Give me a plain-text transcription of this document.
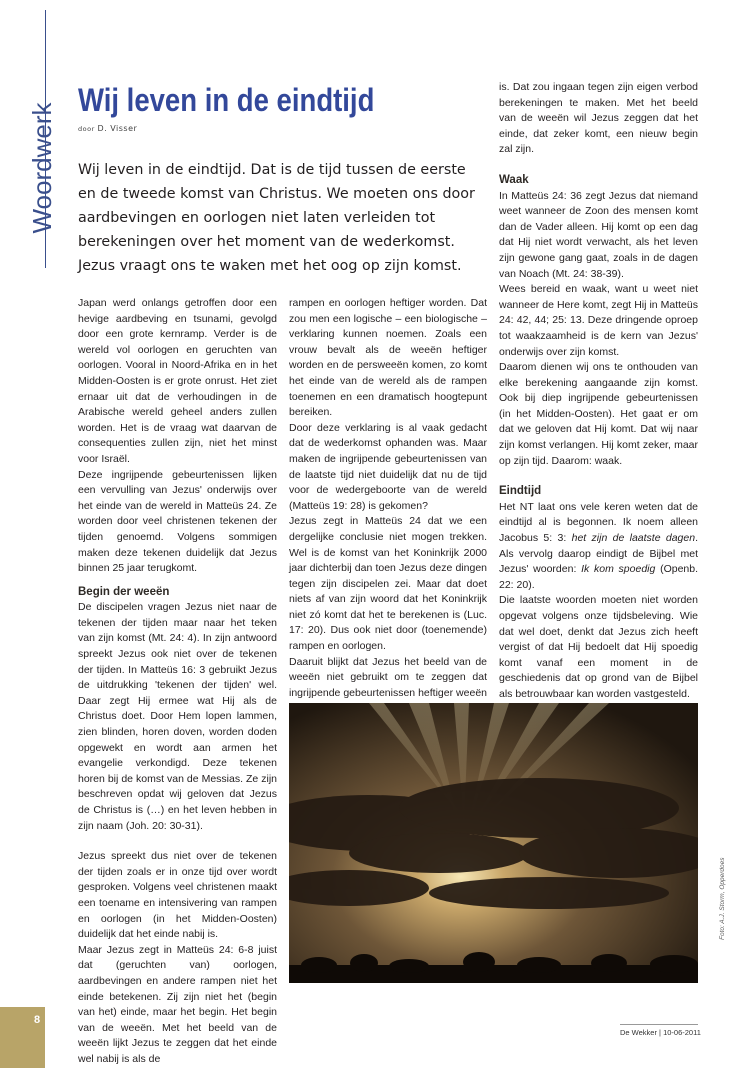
Woordwerk
Wij leven in de eindtijd
door D. Visser

Wij leven in de eindtijd. Dat is de tijd tussen de eerste en de tweede komst van Christus. We moeten ons door aardbevingen en oorlogen niet laten verleiden tot berekeningen over het moment van de wederkomst. Jezus vraagt ons te waken met het oog op zijn komst.

Japan werd onlangs getroffen door een hevige aardbeving en tsunami, gevolgd door een grote kernramp. Verder is de wereld vol oorlogen en geruchten van oorlogen. Vooral in Noord-Afrika en in het Midden-Oosten is er grote onrust. Het ziet ernaar uit dat de verhoudingen in de Arabische wereld geheel anders zullen worden. Het is de vraag wat daarvan de consequenties zullen zijn, niet het minst voor Israël.

Deze ingrijpende gebeurtenissen lijken een vervulling van Jezus' onderwijs over het einde van de wereld in Matteüs 24. Ze worden door veel christenen tekenen der tijden genoemd. Volgens sommigen maken deze tekenen duidelijk dat Jezus binnen 25 jaar terugkomt.

Begin der weeën

De discipelen vragen Jezus niet naar de tekenen der tijden maar naar het teken van zijn komst (Mt. 24: 4). In zijn antwoord spreekt Jezus ook niet over de tekenen der tijden. In Matteüs 16: 3 gebruikt Jezus de uitdrukking 'tekenen der tijden' wel. Daar zegt Hij ermee wat Hij als de Christus doet. Door Hem lopen lammen, zien blinden, horen doven, worden doden opgewekt en wordt aan armen het evangelie verkondigd. Deze tekenen horen bij de komst van de Messias. Ze zijn beschreven opdat wij geloven dat Jezus de Christus is (…) en het leven hebben in zijn naam (Joh. 20: 30-31).

Jezus spreekt dus niet over de tekenen der tijden zoals er in onze tijd over wordt gesproken. Volgens veel christenen maakt een toename en intensivering van rampen en oorlogen (in het Midden-Oosten) duidelijk dat het einde nabij is.

Maar Jezus zegt in Matteüs 24: 6-8 juist dat (geruchten van) oorlogen, aardbevingen en andere rampen niet het einde betekenen. Zij zijn niet het (begin van het) einde, maar het begin. Het begin van de weeën. Met het beeld van de weeën lijkt Jezus te zeggen dat het einde wel nabij is als de

rampen en oorlogen heftiger worden. Dat zou men een logische – een biologische – verklaring kunnen noemen. Zoals een vrouw bevalt als de weeën heftiger worden en de persweeën komen, zo komt het einde van de wereld als de rampen toenemen en een dramatisch hoogtepunt bereiken.

Door deze verklaring is al vaak gedacht dat de wederkomst ophanden was. Maar maken de ingrijpende gebeurtenissen van de laatste tijd niet duidelijk dat nu de tijd voor de wedergeboorte van de wereld (Matteüs 19: 28) is gekomen?

Jezus zegt in Matteüs 24 dat we een dergelijke conclusie niet mogen trekken. Wel is de komst van het Koninkrijk 2000 jaar dichterbij dan toen Jezus deze dingen tegen zijn discipelen zei. Maar dat doet niets af van zijn woord dat het Koninkrijk niet zó komt dat het te berekenen is (Luc. 17: 20). Dus ook niet door (toenemende) rampen en oorlogen.

Daaruit blijkt dat Jezus het beeld van de weeën niet gebruikt om te zeggen dat ingrijpende gebeurtenissen heftiger weeën

is. Dat zou ingaan tegen zijn eigen verbod berekeningen te maken. Met het beeld van de weeën wil Jezus zeggen dat het einde, dat zeker komt, een nieuw begin zal zijn.

Waak

In Matteüs 24: 36 zegt Jezus dat niemand weet wanneer de Zoon des mensen komt dan de Vader alleen. Hij komt op een dag dat Hij niet wordt verwacht, als het leven zijn gewone gang gaat, zoals in de dagen van Noach (Mt. 24: 38-39).

Wees bereid en waak, want u weet niet wanneer de Here komt, zegt Hij in Matteüs 24: 42, 44; 25: 13. Deze dringende oproep tot waakzaamheid is de kern van Jezus' onderwijs over zijn komst.

Daarom dienen wij ons te onthouden van elke berekening aangaande zijn komst. Ook bij diep ingrijpende gebeurtenissen (in het Midden-Oosten). Het gaat er om dat we geloven dat Hij komt. Dat wij naar zijn komst verlangen. Hij komt zeker, maar op zijn tijd. Daarom: waak.

Eindtijd

Het NT laat ons vele keren weten dat de eindtijd al is begonnen. Ik noem alleen Jacobus 5: 3: het zijn de laatste dagen. Als vervolg daarop eindigt de Bijbel met Jezus' woorden: Ik kom spoedig (Openb. 22: 20).

Die laatste woorden moeten niet worden opgevat volgens onze tijdsbeleving. Wie dat wel doet, denkt dat Jezus zich heeft vergist of dat Hij bedoelt dat Hij spoedig komt vanaf een moment in de geschiedenis dat op grond van de Bijbel als betrouwbaar kan worden vastgesteld.

Foto: A.J. Storm, Opperdoes
8
De Wekker | 10-06-2011
